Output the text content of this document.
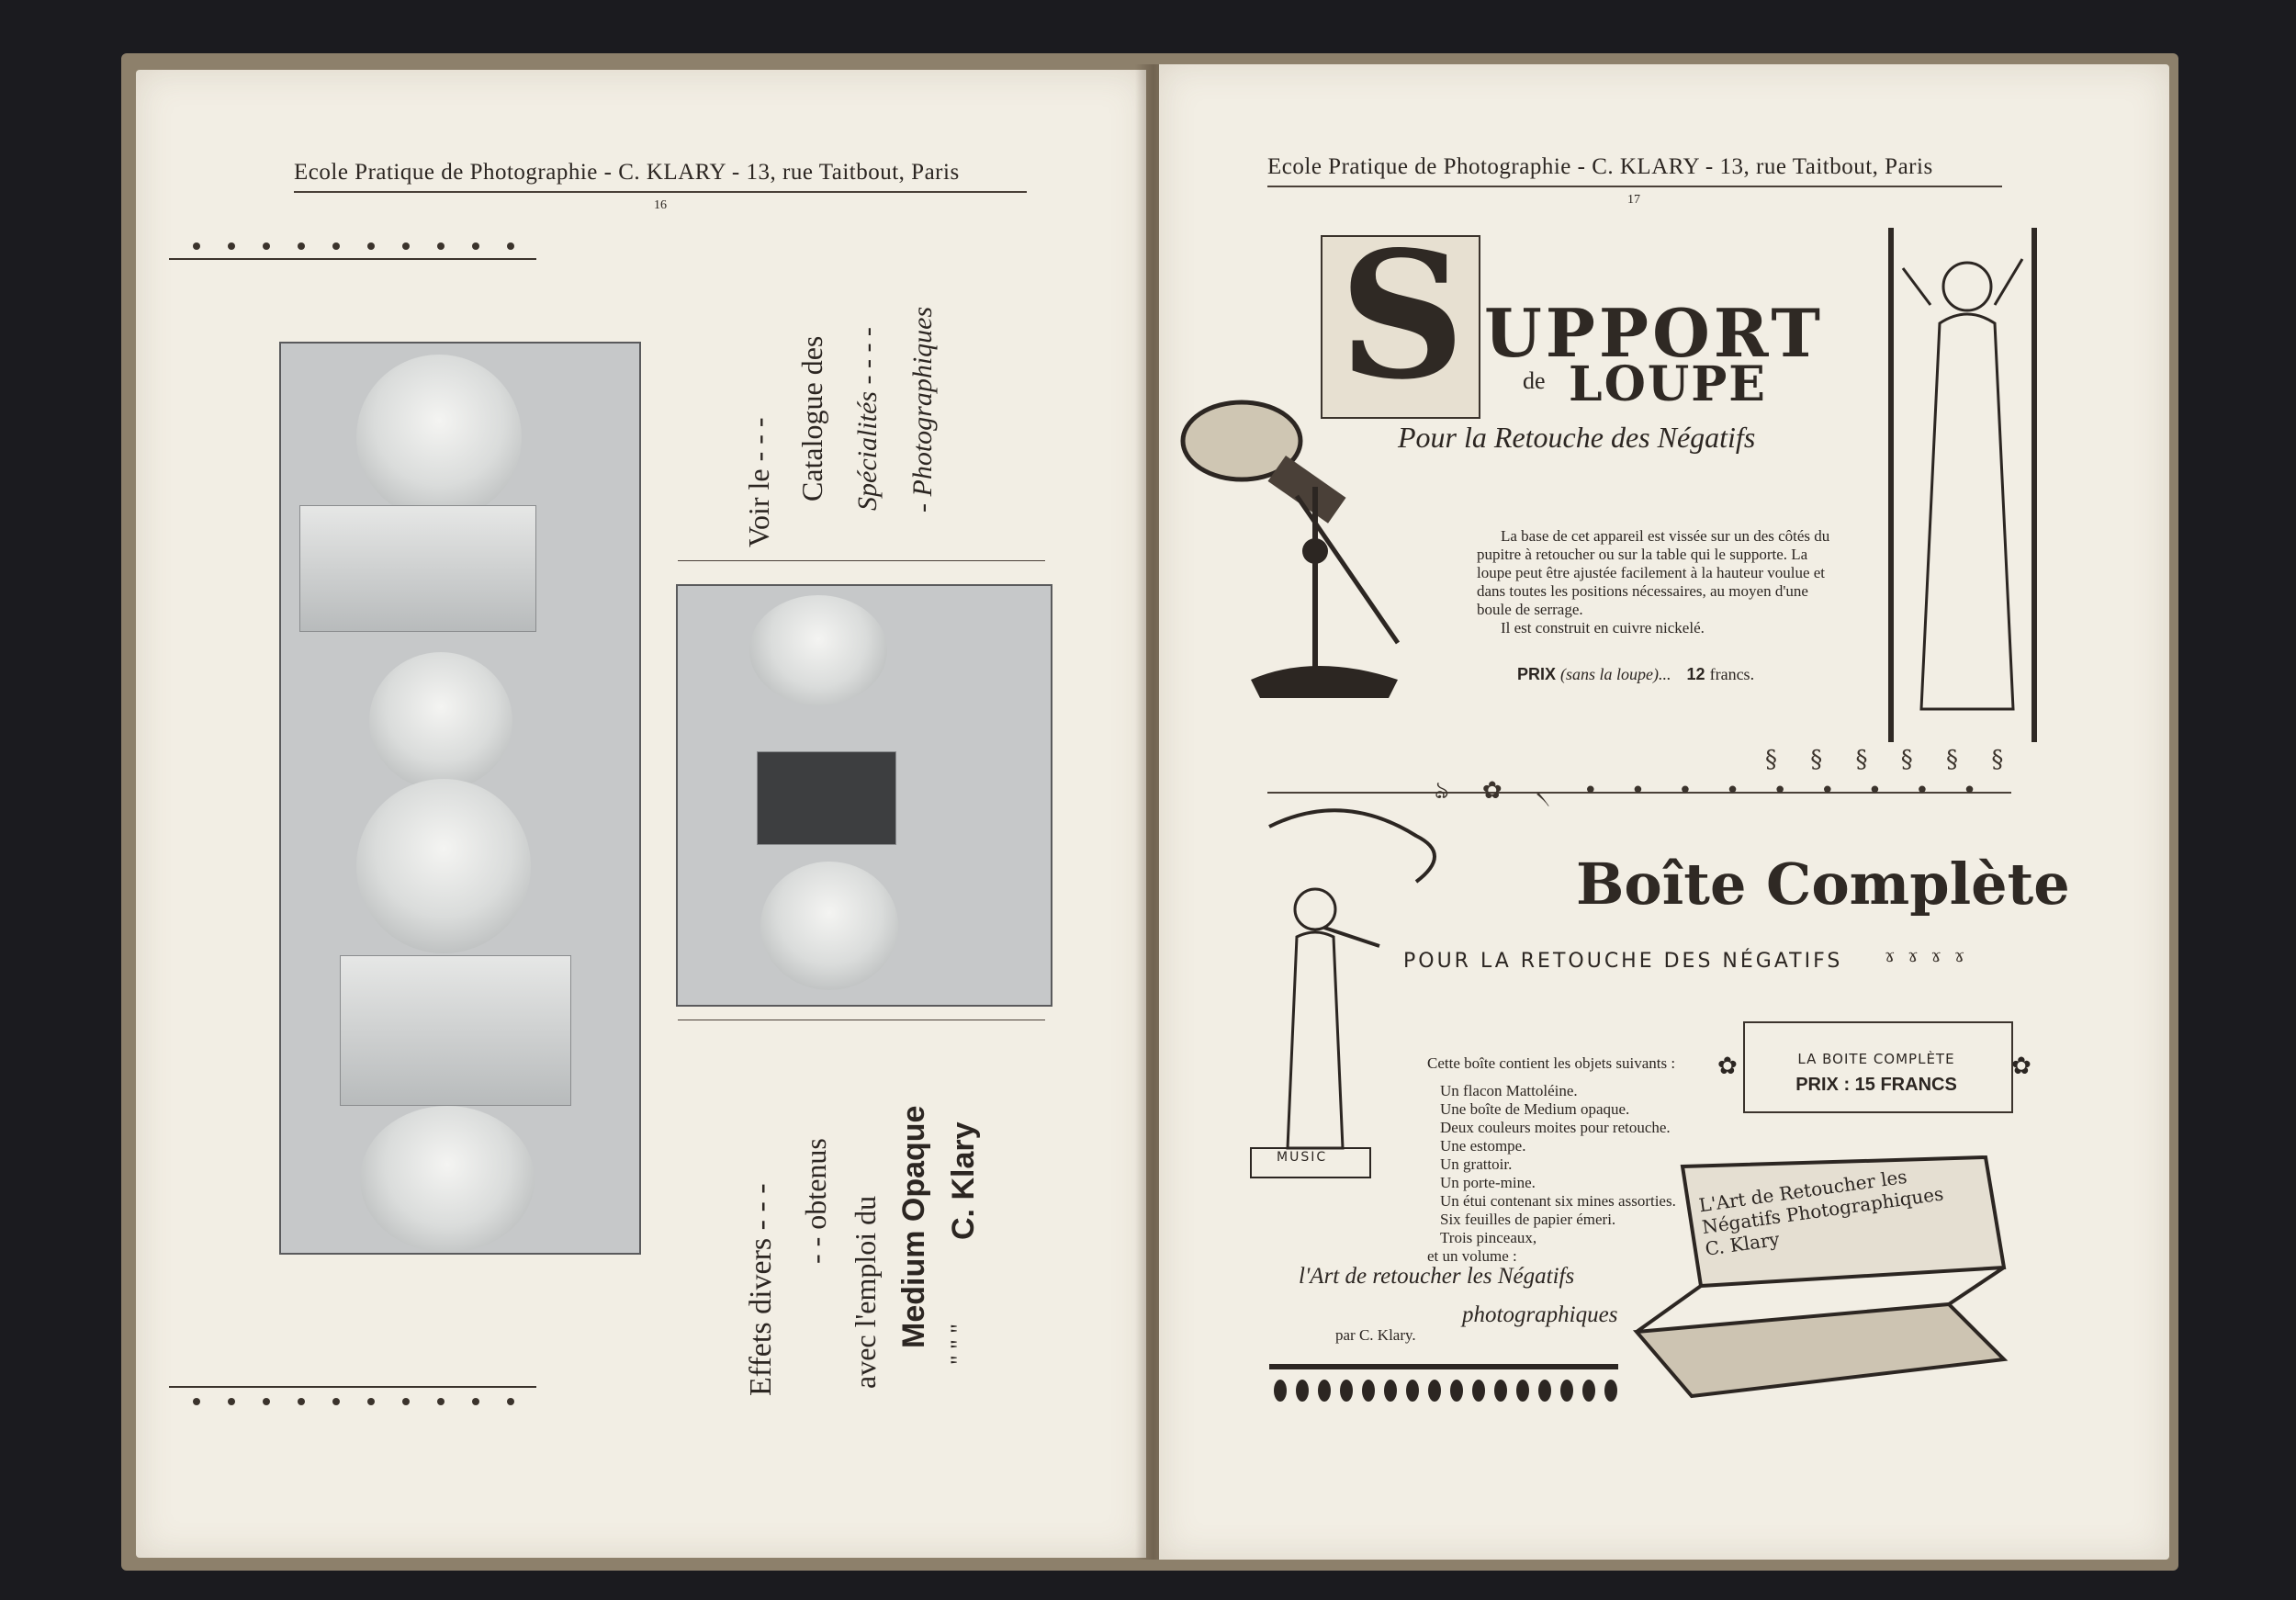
Ecole Pratique de Photographie - C. KLARY - 13, rue Taitbout, Paris
16
Voir le - - - Catalogue des Spécialités - - - - - Photographiques
Effets divers - - - - - obtenus avec l'emploi du Medium Opaque C. Klary
" " "
Ecole Pratique de Photographie - C. KLARY - 13, rue Taitbout, Paris
17
S UPPORT
de LOUPE
Pour la Retouche des Négatifs
La base de cet appareil est vissée sur un des côtés du
pupitre à retoucher ou sur la table qui le supporte. La
loupe peut être ajustée facilement à la hauteur voulue et
dans toutes les positions nécessaires, au moyen d'une
boule de serrage.
Il est construit en cuivre nickelé.
PRIX (sans la loupe)... 12 francs.
§ § § § § §
ঌ ✿ ৲ • • • • • • • • •
Boîte Complète
POUR LA RETOUCHE DES NÉGATIFS ɤɤɤɤ
MUSIC
Cette boîte contient les objets suivants :
Un flacon Mattoléine.
Une boîte de Medium opaque.
Deux couleurs moites pour retouche.
Une estompe.
Un grattoir.
Un porte-mine.
Un étui contenant six mines assorties.
Six feuilles de papier émeri.
Trois pinceaux,
et un volume :
l'Art de retoucher les Négatifs
photographiques
par C. Klary.
✿	✿
LA BOITE COMPLÈTE
PRIX : 15 FRANCS
L'Art de Retoucher les Négatifs Photographiques C. Klary
